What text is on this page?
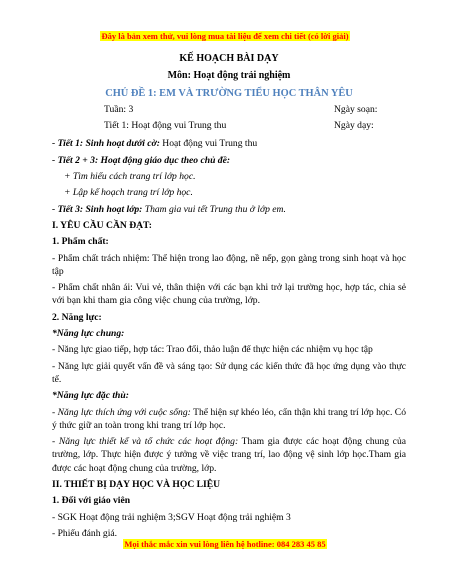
Đây là bản xem thử, vui lòng mua tài liệu để xem chi tiết (có lời giải)
KẾ HOẠCH BÀI DẠY
Môn: Hoạt động trải nghiệm
CHỦ ĐỀ 1: EM VÀ TRƯỜNG TIỂU HỌC THÂN YÊU
Tuần: 3	Ngày soạn:
Tiết 1: Hoạt động vui Trung thu	Ngày dạy:

- Tiết 1: Sinh hoạt dưới cờ: Hoạt động vui Trung thu

- Tiết 2 + 3: Hoạt động giáo dục theo chủ đề:

+ Tìm hiểu cách trang trí lớp học.

+ Lập kế hoạch trang trí lớp học.

- Tiết 3: Sinh hoạt lớp: Tham gia vui tết Trung thu ở lớp em.

I. YÊU CẦU CẦN ĐẠT:

1. Phẩm chất:

- Phẩm chất trách nhiệm: Thể hiện trong lao động, nề nếp, gọn gàng trong sinh hoạt và học tập

- Phẩm chất nhân ái: Vui vẻ, thân thiện với các bạn khi trở lại trường học, hợp tác, chia sẻ với bạn khi tham gia công việc chung của trường, lớp.

2. Năng lực:

*Năng lực chung:

- Năng lực giao tiếp, hợp tác: Trao đổi, thảo luận để thực hiện các nhiệm vụ học tập

- Năng lực giải quyết vấn đề và sáng tạo: Sử dụng các kiến thức đã học ứng dụng vào thực tế.

*Năng lực đặc thù:

- Năng lực thích ứng với cuộc sống: Thể hiện sự khéo léo, cẩn thận khi trang trí lớp học. Có ý thức giữ an toàn trong khi trang trí lớp học.

- Năng lực thiết kế và tổ chức các hoạt động: Tham gia được các hoạt động chung của trường, lớp. Thực hiện được ý tưởng về việc trang trí, lao động vệ sinh lớp học.Tham gia được các hoạt động chung của trường, lớp.

II. THIẾT BỊ DẠY HỌC VÀ HỌC LIỆU

1. Đối với giáo viên

- SGK Hoạt động trải nghiệm 3;SGV Hoạt động trải nghiệm 3

- Phiếu đánh giá.

Mọi thắc mắc xin vui lòng liên hệ hotline: 084 283 45 85
